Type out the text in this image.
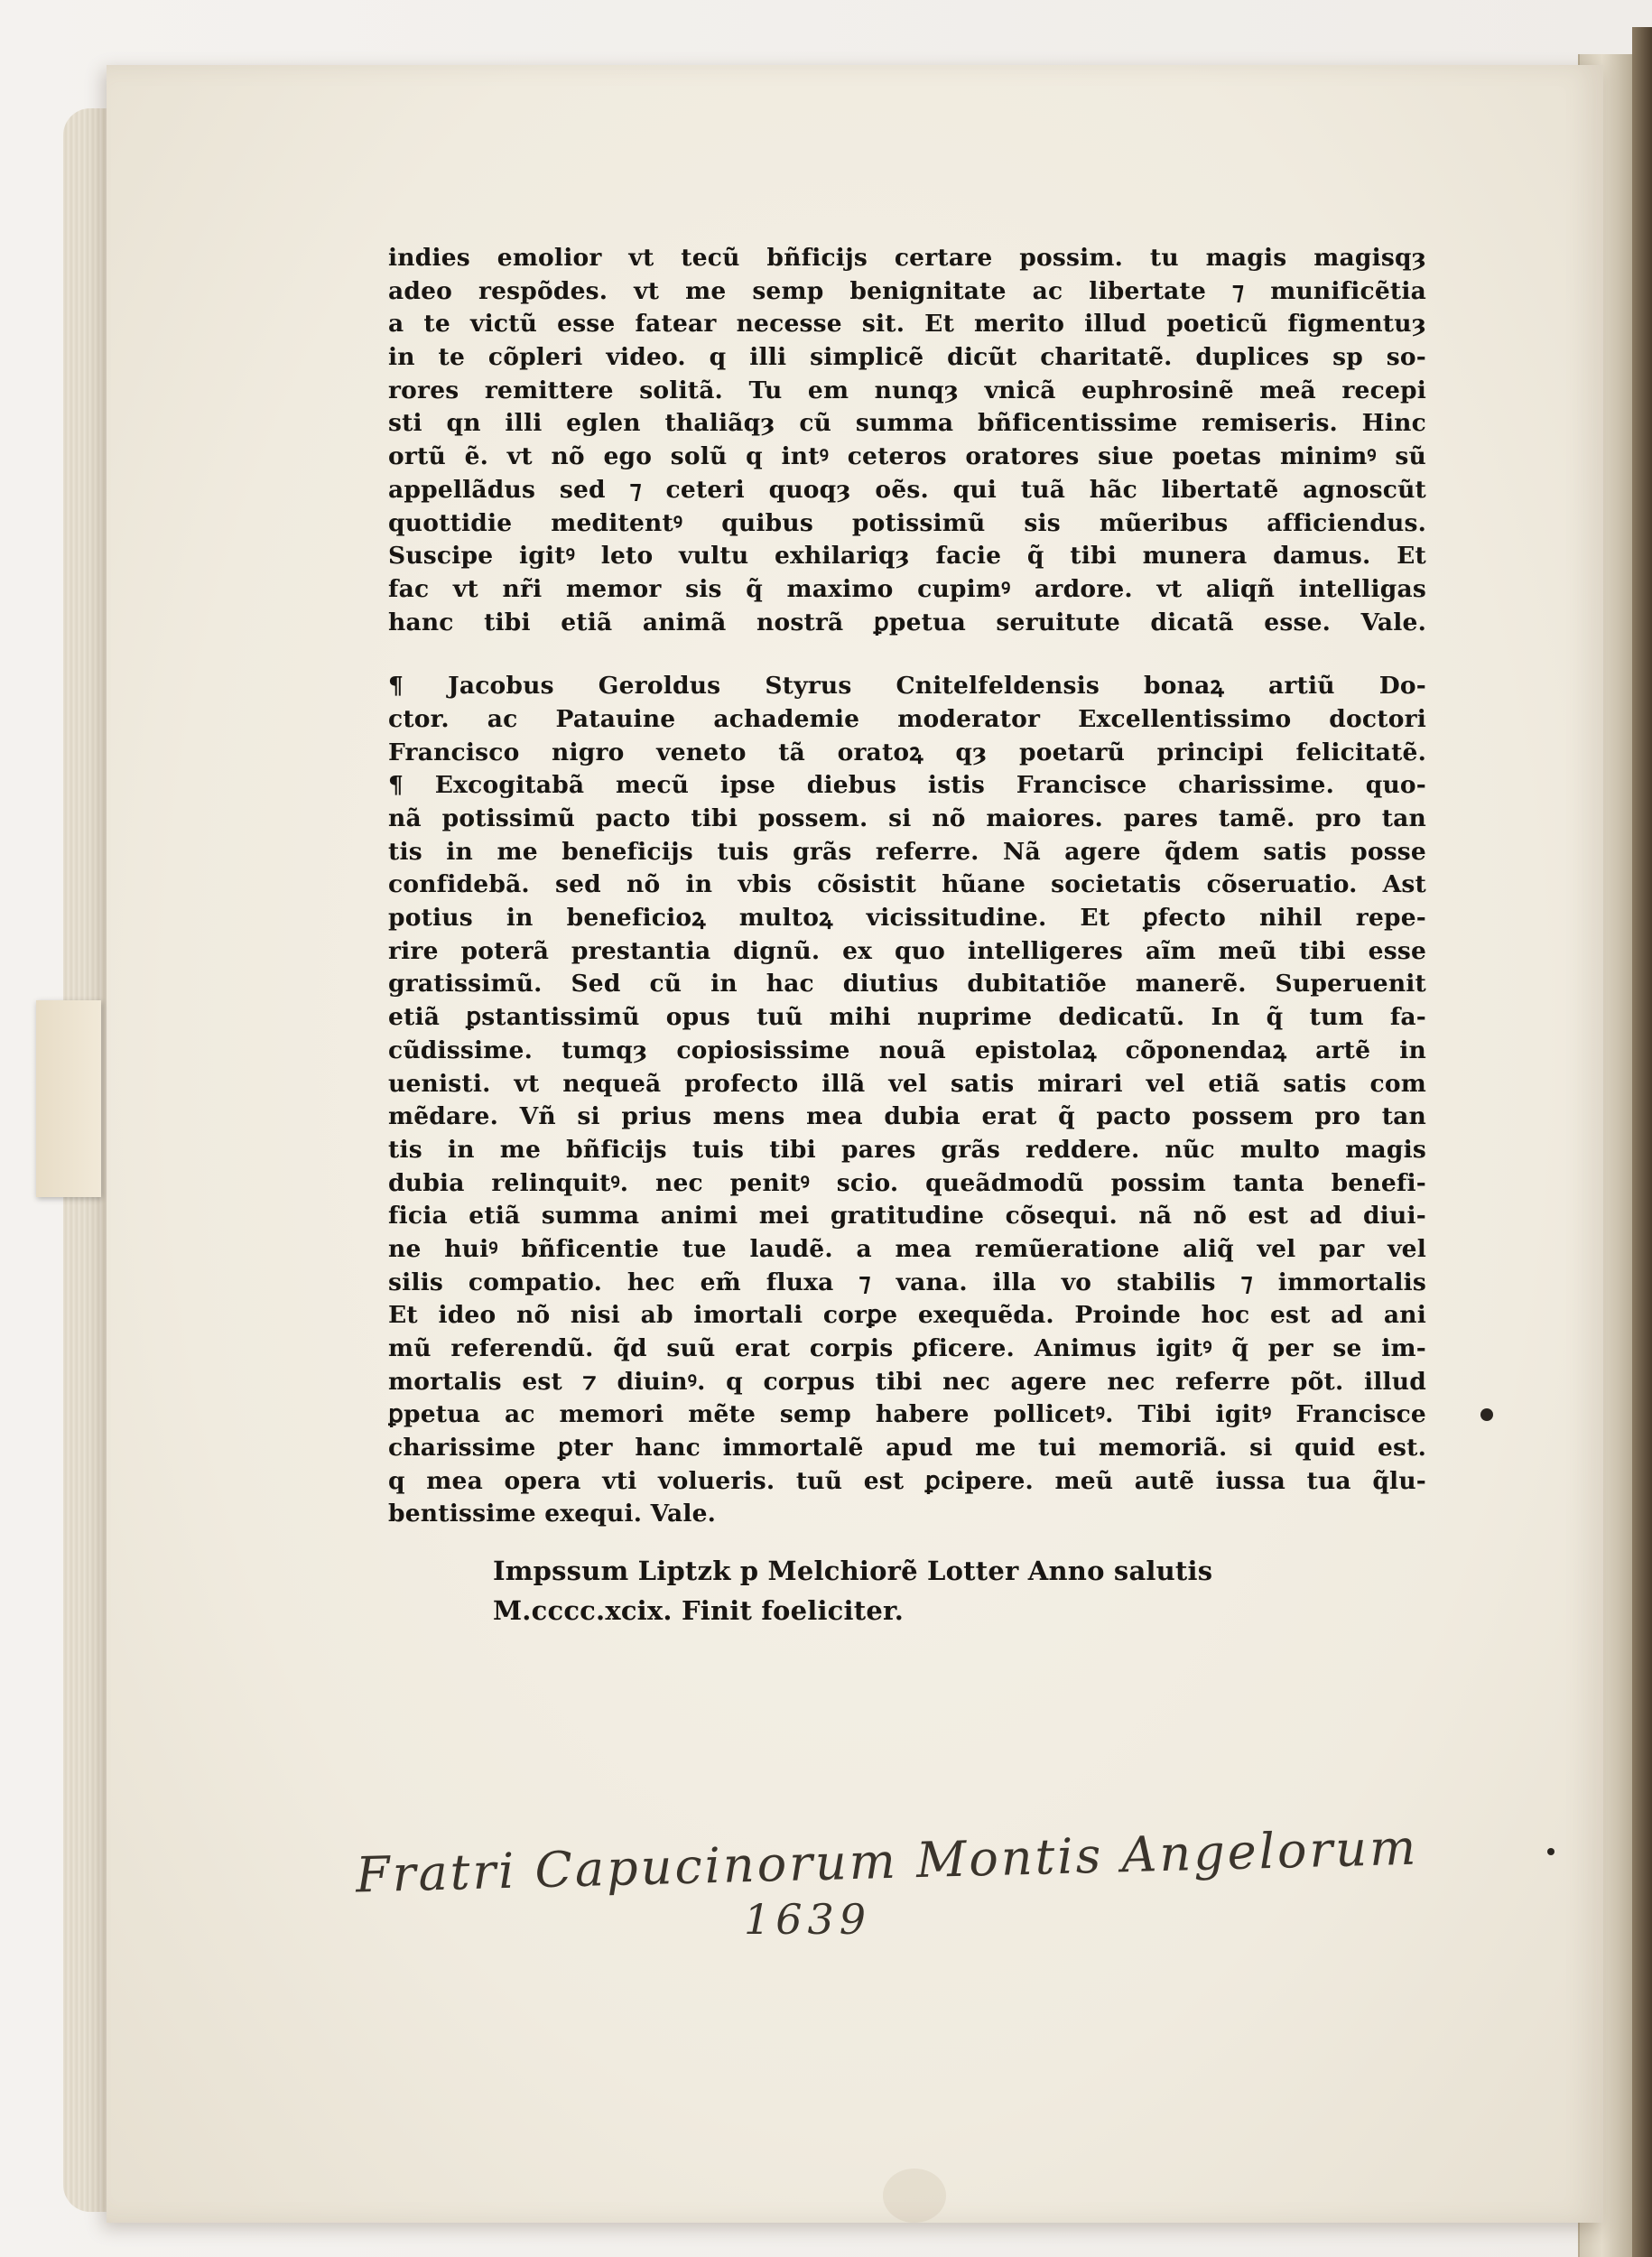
indies emolior vt tecũ bñficijs certare possim. tu magis magisqȝ
adeo respõdes. vt me semp benignitate ac libertate ⁊ munificẽtia
a te victũ esse fatear necesse sit. Et merito illud poeticũ figmentuȝ
in te cõpleri video. q illi simplicẽ dicũt charitatẽ. duplices sp so-
rores remittere solitã. Tu em nunqȝ vnicã euphrosinẽ meã recepi
sti qn illi eglen thaliãqȝ cũ summa bñficentissime remiseris. Hinc
ortũ ẽ. vt nõ ego solũ q intꝰ ceteros oratores siue poetas minimꝰ sũ
appellãdus sed ⁊ ceteri quoqȝ oẽs. qui tuã hãc libertatẽ agnoscũt
quottidie meditentꝰ quibus potissimũ sis mũeribus afficiendus.
Suscipe igitꝰ leto vultu exhilariqȝ facie q̃ tibi munera damus. Et
fac vt nr̃i memor sis q̃ maximo cupimꝰ ardore. vt aliqñ intelligas
hanc tibi etiã animã nostrã ꝑpetua seruitute dicatã esse. Vale.
¶ Jacobus Geroldus Styrus Cnitelfeldensis bonaꝝ artiũ Do-
ctor. ac Patauine achademie moderator Excellentissimo doctori
Francisco nigro veneto tã oratoꝝ qȝ poetarũ principi felicitatẽ.
¶ Excogitabã mecũ ipse diebus istis Francisce charissime. quo-
nã potissimũ pacto tibi possem. si nõ maiores. pares tamẽ. pro tan
tis in me beneficijs tuis grãs referre. Nã agere q̃dem satis posse
confidebã. sed nõ in vbis cõsistit hũane societatis cõseruatio. Ast
potius in beneficioꝝ multoꝝ vicissitudine. Et ꝑfecto nihil repe-
rire poterã prestantia dignũ. ex quo intelligeres aĩm meũ tibi esse
gratissimũ. Sed cũ in hac diutius dubitatiõe manerẽ. Superuenit
etiã ꝑstantissimũ opus tuũ mihi nuprime dedicatũ. In q̃ tum fa-
cũdissime. tumqȝ copiosissime nouã epistolaꝝ cõponendaꝝ artẽ in
uenisti. vt nequeã profecto illã vel satis mirari vel etiã satis com
mẽdare. Vñ si prius mens mea dubia erat q̃ pacto possem pro tan
tis in me bñficijs tuis tibi pares grãs reddere. nũc multo magis
dubia relinquitꝰ. nec penitꝰ scio. queãdmodũ possim tanta benefi-
ficia etiã summa animi mei gratitudine cõsequi. nã nõ est ad diui-
ne huiꝰ bñficentie tue laudẽ. a mea remũeratione aliq̃ vel par vel
silis compatio. hec em̃ fluxa ⁊ vana. illa vo stabilis ⁊ immortalis
Et ideo nõ nisi ab imortali corꝑe exequẽda. Proinde hoc est ad ani
mũ referendũ. q̃d suũ erat corpis ꝑficere. Animus igitꝰ q̃ per se im-
mortalis est ⁊ diuinꝰ. q corpus tibi nec agere nec referre põt. illud
ꝑpetua ac memori mẽte semp habere pollicetꝰ. Tibi igitꝰ Francisce
charissime ꝑter hanc immortalẽ apud me tui memoriã. si quid est.
q mea opera vti volueris. tuũ est ꝑcipere. meũ autẽ iussa tua q̃lu-
bentissime exequi. Vale.
Impssum Liptzk p Melchiorẽ Lotter Anno salutis
M.cccc.xcix. Finit foeliciter.
Fratri Capucinorum Montis Angelorum
1639
